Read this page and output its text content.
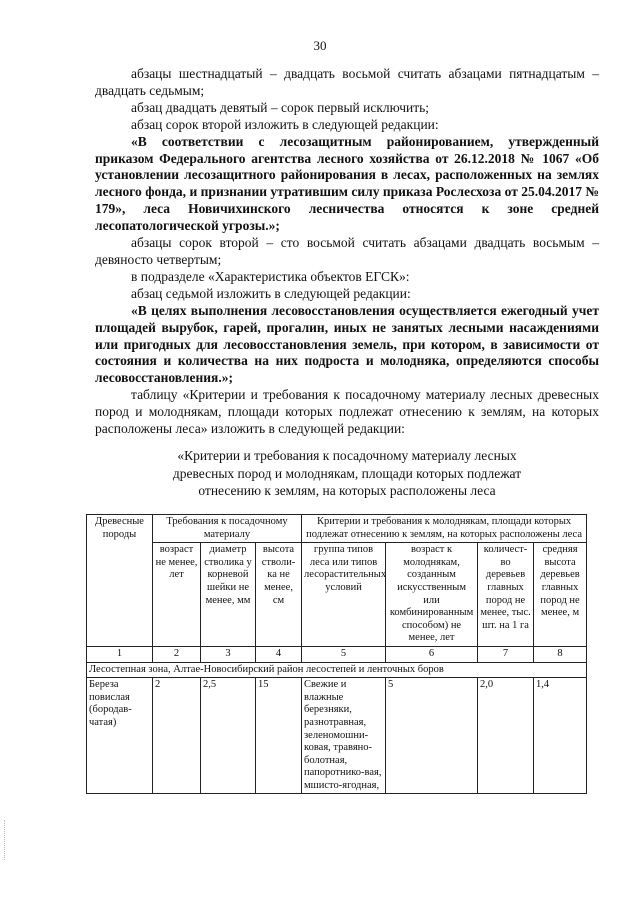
30

абзацы шестнадцатый – двадцать восьмой считать абзацами пятнадцатым – двадцать седьмым;

абзац двадцать девятый – сорок первый исключить;

абзац сорок второй изложить в следующей редакции:

«В соответствии с лесозащитным районированием, утвержденный приказом Федерального агентства лесного хозяйства от 26.12.2018 № 1067 «Об установлении лесозащитного районирования в лесах, расположенных на землях лесного фонда, и признании утратившим силу приказа Рослесхоза от 25.04.2017 № 179», леса Новичихинского лесничества относятся к зоне средней лесопатологической угрозы.»;

абзацы сорок второй – сто восьмой считать абзацами двадцать восьмым – девяносто четвертым;

в подразделе «Характеристика объектов ЕГСК»:

абзац седьмой изложить в следующей редакции:

«В целях выполнения лесовосстановления осуществляется ежегодный учет площадей вырубок, гарей, прогалин, иных не занятых лесными насаждениями или пригодных для лесовосстановления земель, при котором, в зависимости от состояния и количества на них подроста и молодняка, определяются способы лесовосстановления.»;

таблицу «Критерии и требования к посадочному материалу лесных древесных пород и молоднякам, площади которых подлежат отнесению к землям, на которых расположены леса» изложить в следующей редакции:

«Критерии и требования к посадочному материалу лесных
древесных пород и молоднякам, площади которых подлежат
отнесению к землям, на которых расположены леса
Древесные породы	Требования к посадочному материалу			Критерии и требования к молоднякам, площади которых подлежат отнесению к землям, на которых расположены леса			
	возраст не менее, лет	диаметр стволика у корневой шейки не менее, мм	высота стволи-ка не менее, см	группа типов леса или типов лесорастительных условий	возраст к молоднякам, созданным искусственным или комбинированным способом) не менее, лет	количест-во деревьев главных пород не менее, тыс. шт. на 1 га	средняя высота деревьев главных пород не менее, м
1	2	3	4	5	6	7	8
Лесостепная зона, Алтае-Новосибирский район лесостепей и ленточных боров							
Береза повислая (бородав-чатая)	2	2,5	15	Свежие и влажные березняки, разнотравная, зеленомошни-ковая, травяно-болотная, папоротнико-вая, мшисто-ягодная,	5	2,0	1,4
